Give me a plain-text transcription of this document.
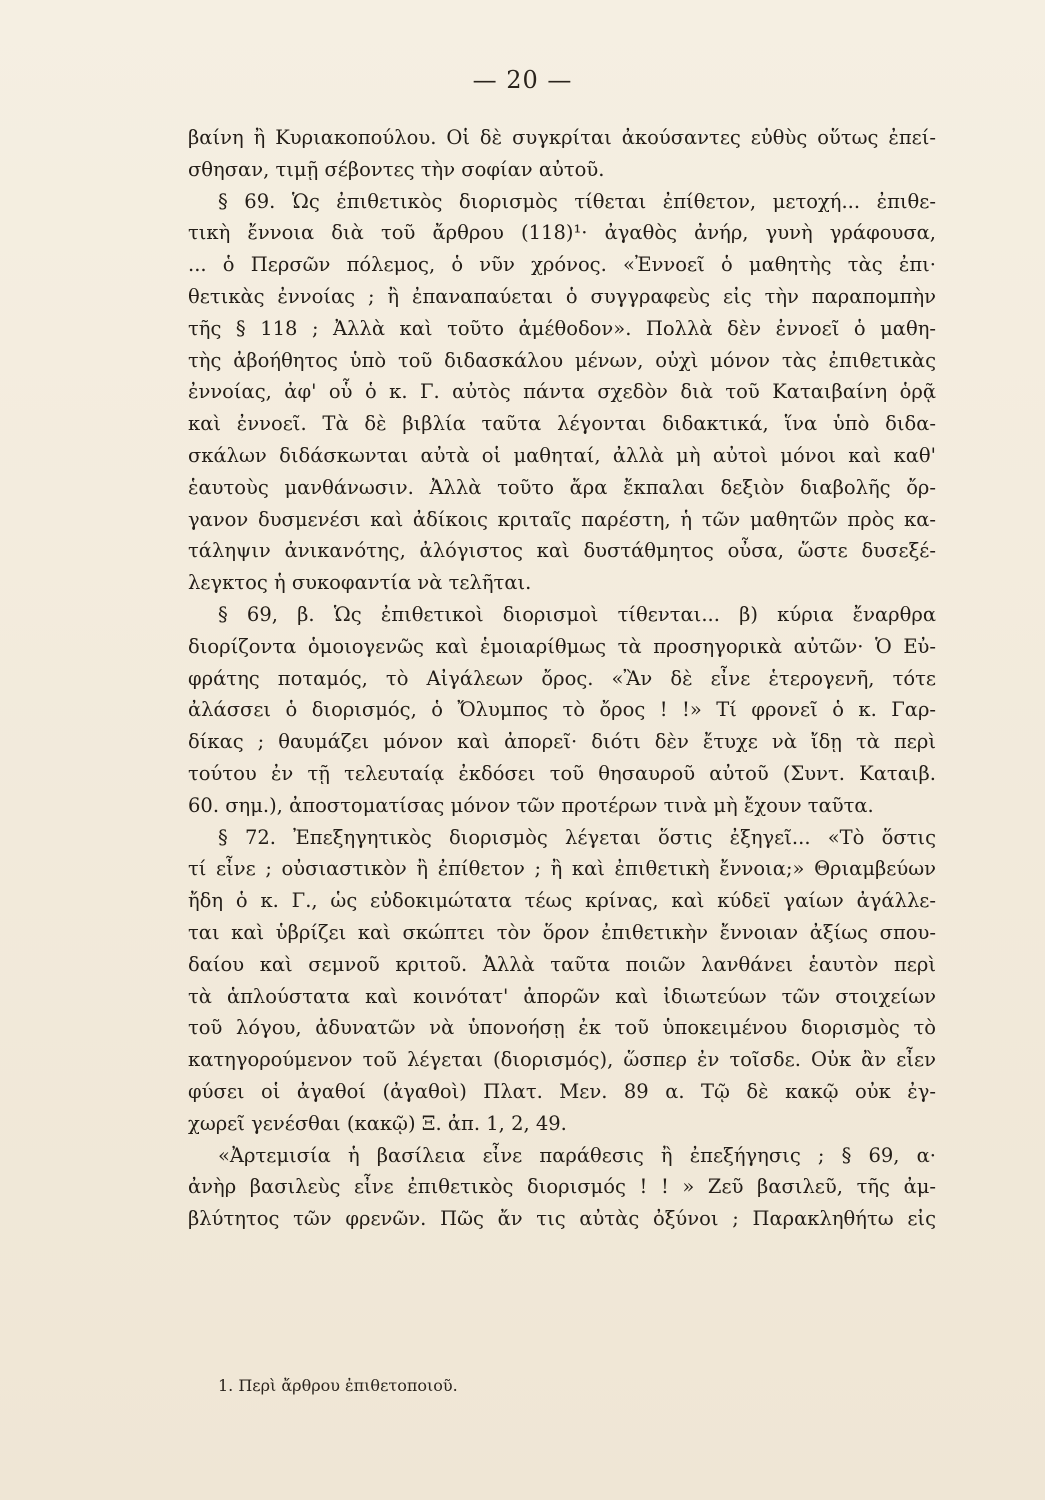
— 20 —
βαίνη ἢ Κυριακοπούλου. Οἱ δὲ συγκρίται ἀκούσαντες εὐθὺς οὕτως ἐπεί-
σθησαν, τιμῇ σέβοντες τὴν σοφίαν αὐτοῦ.
§ 69. Ὡς ἐπιθετικὸς διορισμὸς τίθεται ἐπίθετον, μετοχή... ἐπιθε-
τικὴ ἔννοια διὰ τοῦ ἄρθρου (118)¹· ἀγαθὸς ἀνήρ, γυνὴ γράφουσα,
... ὁ Περσῶν πόλεμος, ὁ νῦν χρόνος. «Ἐννοεῖ ὁ μαθητὴς τὰς ἐπι·
θετικὰς ἐννοίας ; ἢ ἐπαναπαύεται ὁ συγγραφεὺς εἰς τὴν παραπομπὴν
τῆς § 118 ; Ἀλλὰ καὶ τοῦτο ἀμέθοδον». Πολλὰ δὲν ἐννοεῖ ὁ μαθη-
τὴς ἀβοήθητος ὑπὸ τοῦ διδασκάλου μένων, οὐχὶ μόνον τὰς ἐπιθετικὰς
ἐννοίας, ἀφ' οὗ ὁ κ. Γ. αὐτὸς πάντα σχεδὸν διὰ τοῦ Καταιβαίνη ὁρᾷ
καὶ ἐννοεῖ. Τὰ δὲ βιβλία ταῦτα λέγονται διδακτικά, ἵνα ὑπὸ διδα-
σκάλων διδάσκωνται αὐτὰ οἱ μαθηταί, ἀλλὰ μὴ αὐτοὶ μόνοι καὶ καθ'
ἑαυτοὺς μανθάνωσιν. Ἀλλὰ τοῦτο ἄρα ἔκπαλαι δεξιὸν διαβολῆς ὄρ-
γανον δυσμενέσι καὶ ἀδίκοις κριταῖς παρέστη, ἡ τῶν μαθητῶν πρὸς κα-
τάληψιν ἀνικανότης, ἀλόγιστος καὶ δυστάθμητος οὖσα, ὥστε δυσεξέ-
λεγκτος ἡ συκοφαντία νὰ τελῆται.
§ 69, β. Ὡς ἐπιθετικοὶ διορισμοὶ τίθενται... β) κύρια ἔναρθρα
διορίζοντα ὁμοιογενῶς καὶ ἑμοιαρίθμως τὰ προσηγορικὰ αὐτῶν· Ὁ Εὐ-
φράτης ποταμός, τὸ Αἰγάλεων ὄρος. «Ἂν δὲ εἶνε ἑτερογενῆ, τότε
ἀλάσσει ὁ διορισμός, ὁ Ὄλυμπος τὸ ὄρος ! !» Τί φρονεῖ ὁ κ. Γαρ-
δίκας ; θαυμάζει μόνον καὶ ἀπορεῖ· διότι δὲν ἔτυχε νὰ ἴδῃ τὰ περὶ
τούτου ἐν τῇ τελευταίᾳ ἐκδόσει τοῦ θησαυροῦ αὐτοῦ (Συντ. Καταιβ.
60. σημ.), ἀποστοματίσας μόνον τῶν προτέρων τινὰ μὴ ἔχουν ταῦτα.
§ 72. Ἐπεξηγητικὸς διορισμὸς λέγεται ὅστις ἐξηγεῖ... «Τὸ ὅστις
τί εἶνε ; οὐσιαστικὸν ἢ ἐπίθετον ; ἢ καὶ ἐπιθετικὴ ἔννοια;» Θριαμβεύων
ἤδη ὁ κ. Γ., ὡς εὐδοκιμώτατα τέως κρίνας, καὶ κύδεϊ γαίων ἀγάλλε-
ται καὶ ὑβρίζει καὶ σκώπτει τὸν ὅρον ἐπιθετικὴν ἔννοιαν ἀξίως σπου-
δαίου καὶ σεμνοῦ κριτοῦ. Ἀλλὰ ταῦτα ποιῶν λανθάνει ἑαυτὸν περὶ
τὰ ἁπλούστατα καὶ κοινότατ' ἀπορῶν καὶ ἰδιωτεύων τῶν στοιχείων
τοῦ λόγου, ἀδυνατῶν νὰ ὑπονοήσῃ ἐκ τοῦ ὑποκειμένου διορισμὸς τὸ
κατηγορούμενον τοῦ λέγεται (διορισμός), ὥσπερ ἐν τοῖσδε. Οὐκ ἂν εἶεν
φύσει οἱ ἀγαθοί (ἀγαθοὶ) Πλατ. Μεν. 89 α. Τῷ δὲ κακῷ οὐκ ἐγ-
χωρεῖ γενέσθαι (κακῷ) Ξ. ἀπ. 1, 2, 49.
«Ἀρτεμισία ἡ βασίλεια εἶνε παράθεσις ἢ ἐπεξήγησις ; § 69, α·
ἀνὴρ βασιλεὺς εἶνε ἐπιθετικὸς διορισμός ! ! » Ζεῦ βασιλεῦ, τῆς ἀμ-
βλύτητος τῶν φρενῶν. Πῶς ἄν τις αὐτὰς ὀξύνοι ; Παρακληθήτω εἰς
1. Περὶ ἄρθρου ἐπιθετοποιοῦ.
